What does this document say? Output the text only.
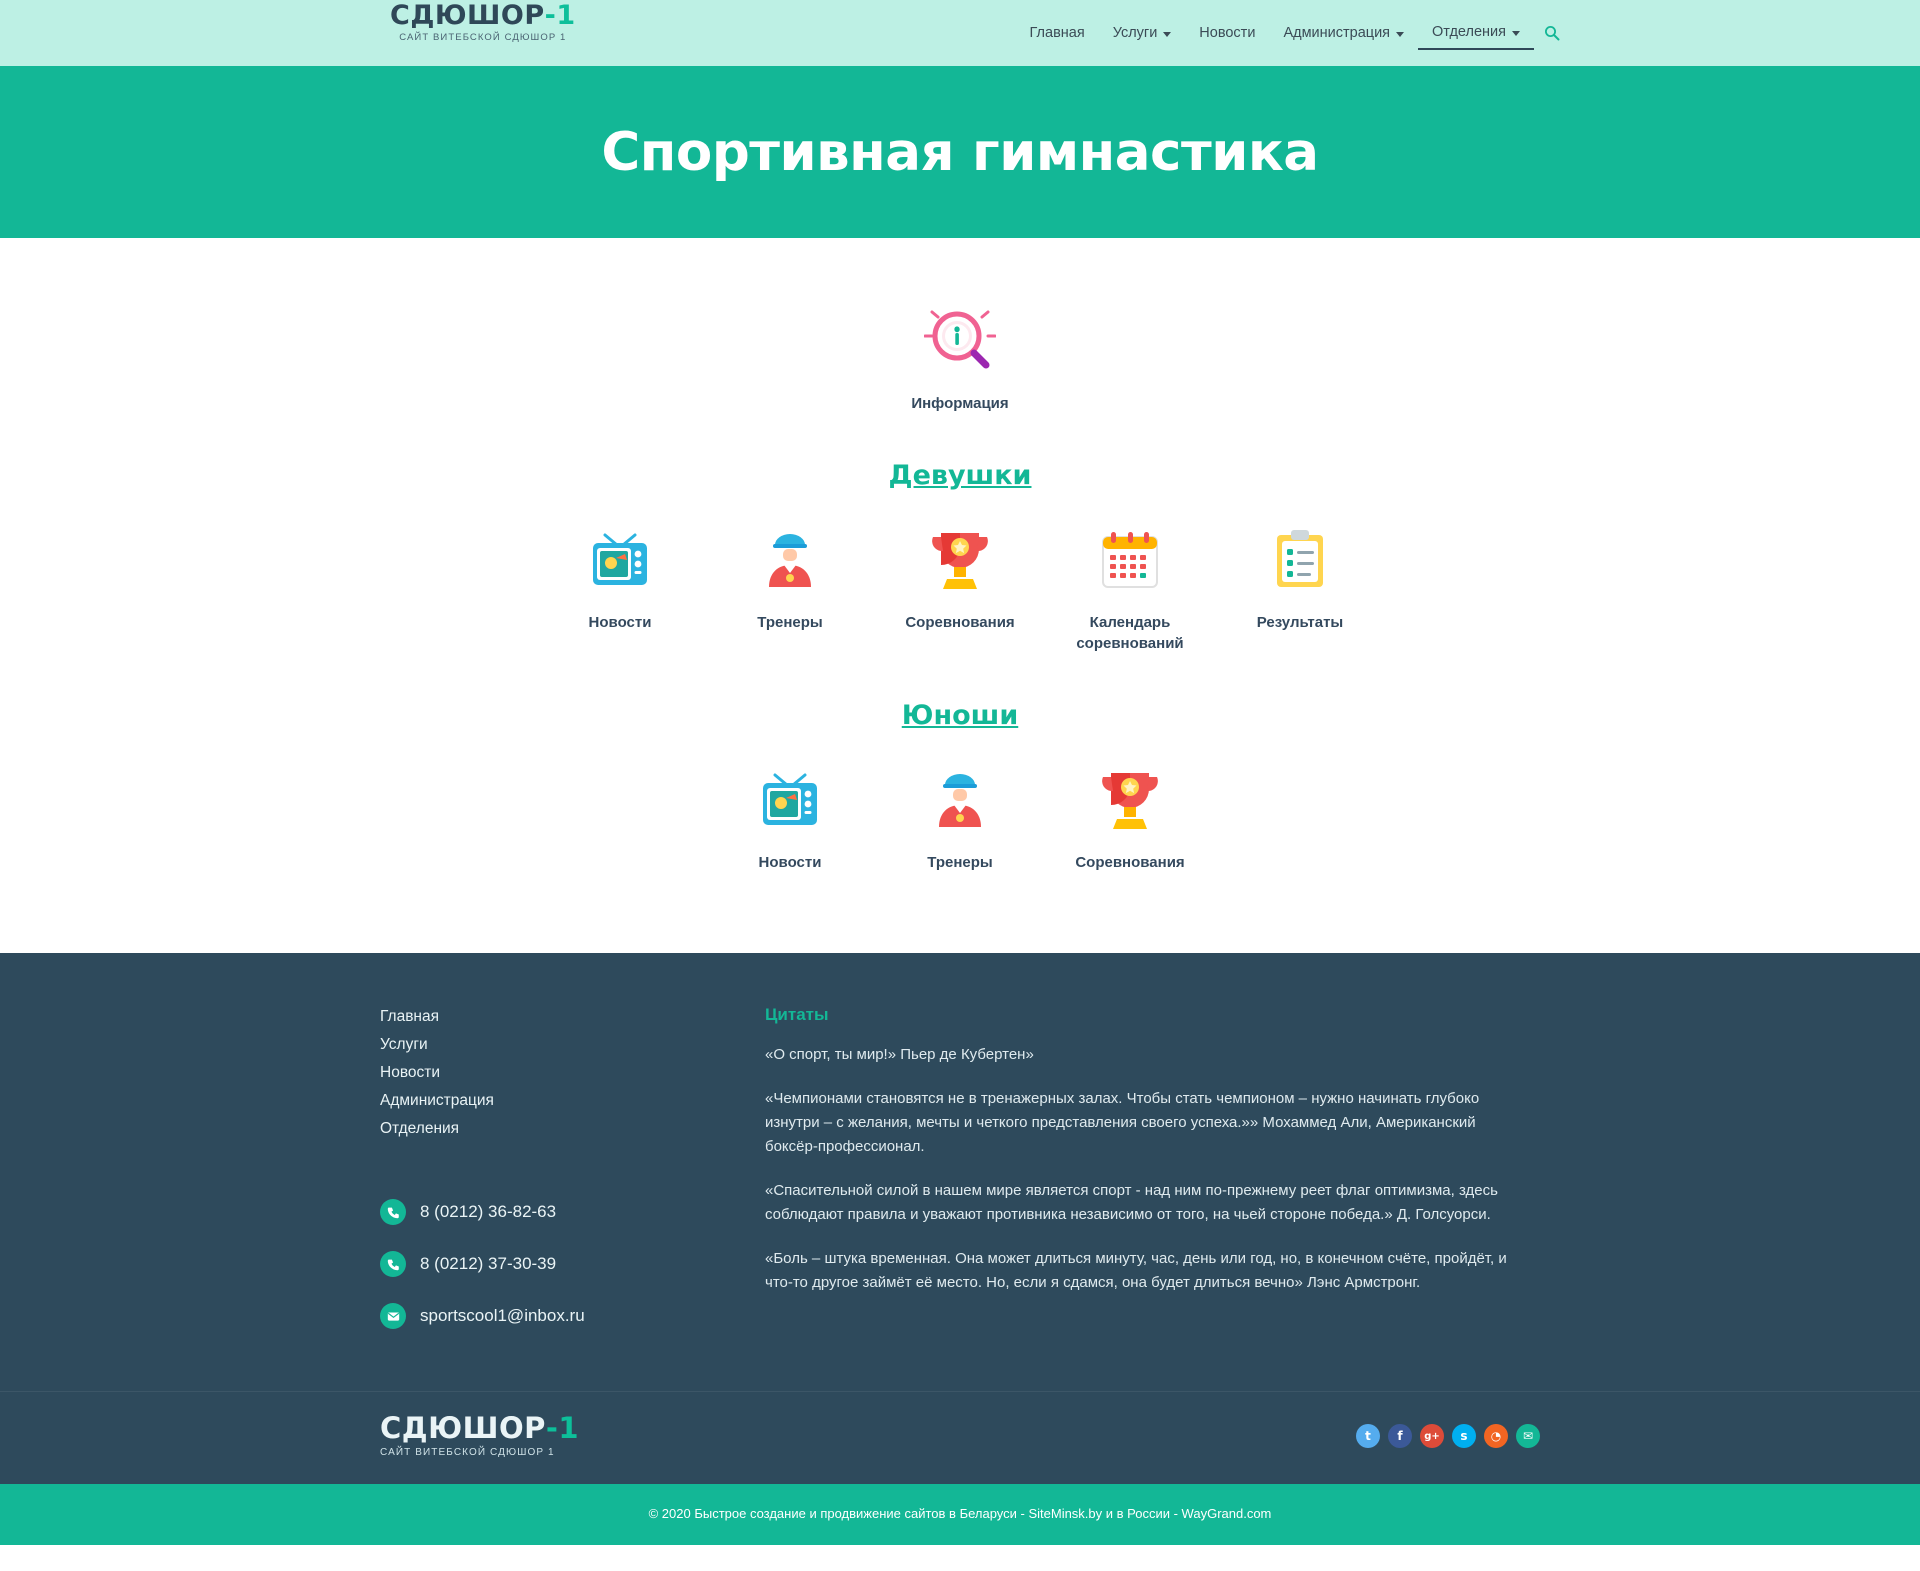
СДЮШОР-1
САЙТ ВИТЕБСКОЙ СДЮШОР 1	Главная Услуги	Новости Администрация	Отделения
Спортивная гимнастика
Информация
Девушки
Новости	Тренеры	Соревнования	Календарь соревнований
Результаты
Юноши
Новости	Тренеры	Соревнования
Главная
Услуги
Новости
Администрация
Отделения
8 (0212) 36-82-63
8 (0212) 37-30-39
sportscool1@inbox.ru
Цитаты

«О спорт, ты мир!» Пьер де Кубертен»

«Чемпионами становятся не в тренажерных залах. Чтобы стать чемпионом – нужно начинать глубоко изнутри – с желания, мечты и четкого представления своего успеха.»» Мохаммед Али, Американский боксёр-профессионал.

«Спасительной силой в нашем мире является спорт - над ним по-прежнему реет флаг оптимизма, здесь соблюдают правила и уважают противника независимо от того, на чьей стороне победа.» Д. Голсуорси.

«Боль – штука временная. Она может длиться минуту, час, день или год, но, в конечном счёте, пройдёт, и что-то другое займёт её место. Но, если я сдамся, она будет длиться вечно» Лэнс Армстронг.

СДЮШОР-1
САЙТ ВИТЕБСКОЙ СДЮШОР 1
t	f	g+	s	◔	✉
© 2020 Быстрое создание и продвижение сайтов в Беларуси - SiteMinsk.by и в России - WayGrand.com
